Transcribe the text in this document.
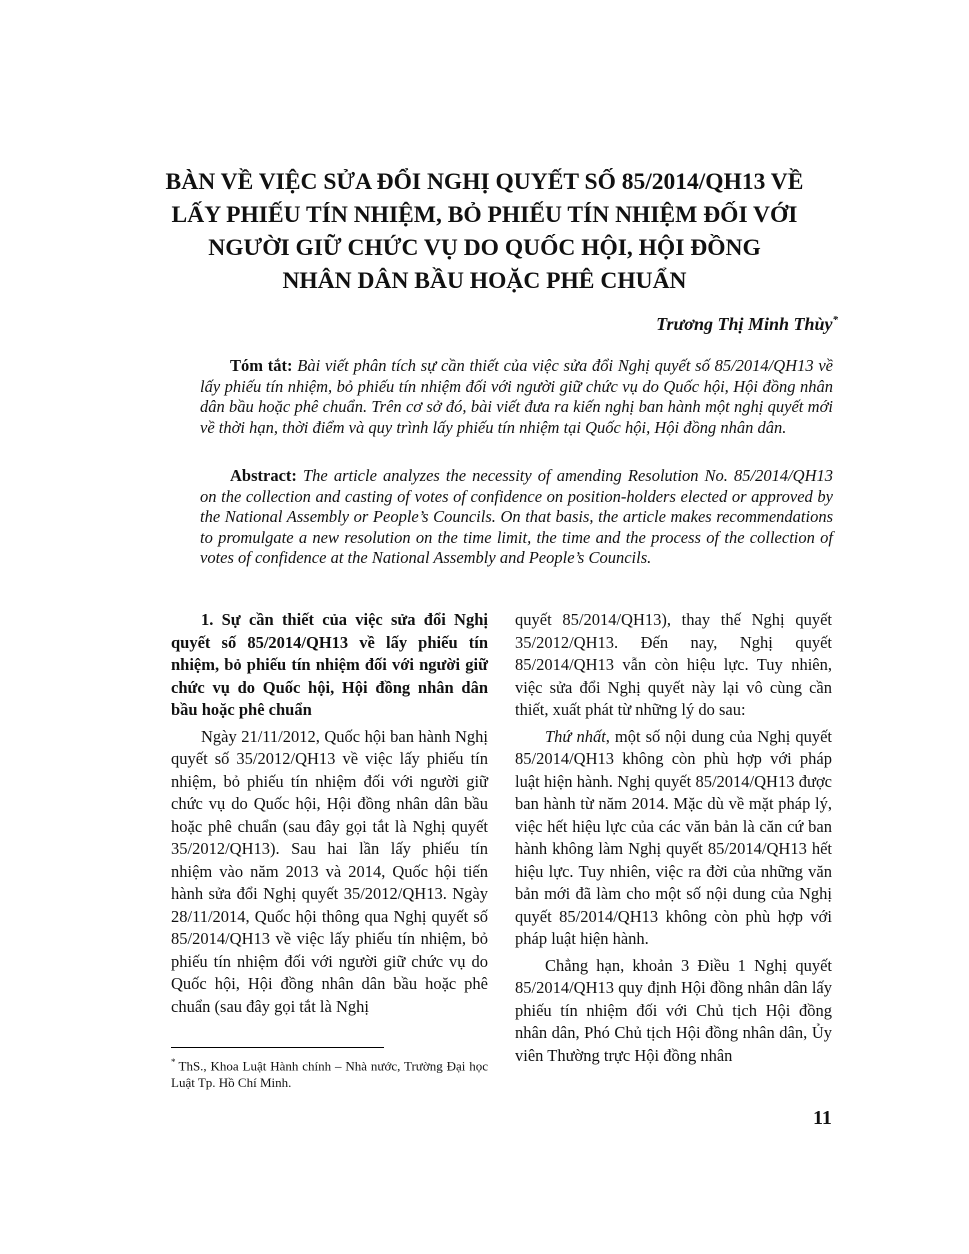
BÀN VỀ VIỆC SỬA ĐỔI NGHỊ QUYẾT SỐ 85/2014/QH13 VỀ
LẤY PHIẾU TÍN NHIỆM, BỎ PHIẾU TÍN NHIỆM ĐỐI VỚI
NGƯỜI GIỮ CHỨC VỤ DO QUỐC HỘI, HỘI ĐỒNG
NHÂN DÂN BẦU HOẶC PHÊ CHUẨN

Trương Thị Minh Thùy*

Tóm tắt: Bài viết phân tích sự cần thiết của việc sửa đổi Nghị quyết số 85/2014/QH13 về lấy phiếu tín nhiệm, bỏ phiếu tín nhiệm đối với người giữ chức vụ do Quốc hội, Hội đồng nhân dân bầu hoặc phê chuẩn. Trên cơ sở đó, bài viết đưa ra kiến nghị ban hành một nghị quyết mới về thời hạn, thời điểm và quy trình lấy phiếu tín nhiệm tại Quốc hội, Hội đồng nhân dân.

Abstract: The article analyzes the necessity of amending Resolution No. 85/2014/QH13 on the collection and casting of votes of confidence on position-holders elected or approved by the National Assembly or People’s Councils. On that basis, the article makes recommendations to promulgate a new resolution on the time limit, the time and the process of the collection of votes of confidence at the National Assembly and People’s Councils.

1. Sự cần thiết của việc sửa đổi Nghị quyết số 85/2014/QH13 về lấy phiếu tín nhiệm, bỏ phiếu tín nhiệm đối với người giữ chức vụ do Quốc hội, Hội đồng nhân dân bầu hoặc phê chuẩn

Ngày 21/11/2012, Quốc hội ban hành Nghị quyết số 35/2012/QH13 về việc lấy phiếu tín nhiệm, bỏ phiếu tín nhiệm đối với người giữ chức vụ do Quốc hội, Hội đồng nhân dân bầu hoặc phê chuẩn (sau đây gọi tắt là Nghị quyết 35/2012/QH13). Sau hai lần lấy phiếu tín nhiệm vào năm 2013 và 2014, Quốc hội tiến hành sửa đổi Nghị quyết 35/2012/QH13. Ngày 28/11/2014, Quốc hội thông qua Nghị quyết số 85/2014/QH13 về việc lấy phiếu tín nhiệm, bỏ phiếu tín nhiệm đối với người giữ chức vụ do Quốc hội, Hội đồng nhân dân bầu hoặc phê chuẩn (sau đây gọi tắt là Nghị

quyết 85/2014/QH13), thay thế Nghị quyết 35/2012/QH13. Đến nay, Nghị quyết 85/2014/QH13 vẫn còn hiệu lực. Tuy nhiên, việc sửa đổi Nghị quyết này lại vô cùng cần thiết, xuất phát từ những lý do sau:

Thứ nhất, một số nội dung của Nghị quyết 85/2014/QH13 không còn phù hợp với pháp luật hiện hành. Nghị quyết 85/2014/QH13 được ban hành từ năm 2014. Mặc dù về mặt pháp lý, việc hết hiệu lực của các văn bản là căn cứ ban hành không làm Nghị quyết 85/2014/QH13 hết hiệu lực. Tuy nhiên, việc ra đời của những văn bản mới đã làm cho một số nội dung của Nghị quyết 85/2014/QH13 không còn phù hợp với pháp luật hiện hành.

Chẳng hạn, khoản 3 Điều 1 Nghị quyết 85/2014/QH13 quy định Hội đồng nhân dân lấy phiếu tín nhiệm đối với Chủ tịch Hội đồng nhân dân, Phó Chủ tịch Hội đồng nhân dân, Ủy viên Thường trực Hội đồng nhân

* ThS., Khoa Luật Hành chính – Nhà nước, Trường Đại học Luật Tp. Hồ Chí Minh.

11
